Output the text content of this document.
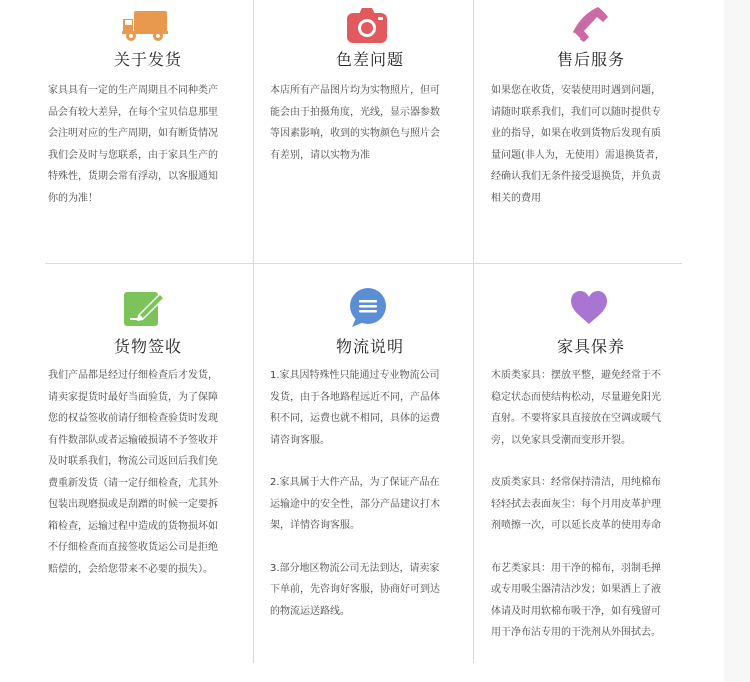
关于发货

家具具有一定的生产周期且不同种类产

品会有较大差异，在每个宝贝信息那里

会注明对应的生产周期，如有断货情况

我们会及时与您联系，由于家具生产的

特殊性，货期会常有浮动，以客服通知

你的为准！

色差问题

本店所有产品图片均为实物照片，但可

能会由于拍摄角度，光线，显示器参数

等因素影响，收到的实物颜色与照片会

有差别，请以实物为准

售后服务

如果您在收货，安装使用时遇到问题，

请随时联系我们，我们可以随时提供专

业的指导，如果在收到货物后发现有质

量问题(非人为，无使用）需退换货者，

经确认我们无条件接受退换货，并负责

相关的费用

货物签收

我们产品都是经过仔细检查后才发货，

请卖家提货时最好当面验货，为了保障

您的权益签收前请仔细检查验货时发现

有件数部队或者运输破损请不予签收并

及时联系我们，物流公司返回后我们免

费重新发货（请一定仔细检查，尤其外

包装出现磨损或是刮蹭的时候一定要拆

箱检查，运输过程中造成的货物损坏如

不仔细检查而直接签收货运公司是拒绝

赔偿的，会给您带来不必要的损失）。

物流说明

1.家具因特殊性只能通过专业物流公司

发货，由于各地路程远近不同，产品体

积不同，运费也就不相同，具体的运费

请咨询客服。

2.家具属于大件产品，为了保证产品在

运输途中的安全性，部分产品建议打木

架，详情咨询客服。

3.部分地区物流公司无法到达，请卖家

下单前，先咨询好客服，协商好可到达

的物流运送路线。

家具保养

木质类家具：摆放平整，避免经常于不

稳定状态而使结构松动，尽量避免阳光

直射。不要将家具直接放在空调或暖气

旁，以免家具受潮而变形开裂。

皮质类家具：经常保持清洁，用纯棉布

轻轻拭去表面灰尘：每个月用皮革护理

剂喷擦一次，可以延长皮革的使用寿命

布艺类家具：用干净的棉布，羽制毛掸

或专用吸尘器清洁沙发；如果洒上了液

体请及时用软棉布吸干净，如有残留可

用干净布沾专用的干洗剂从外围拭去。
